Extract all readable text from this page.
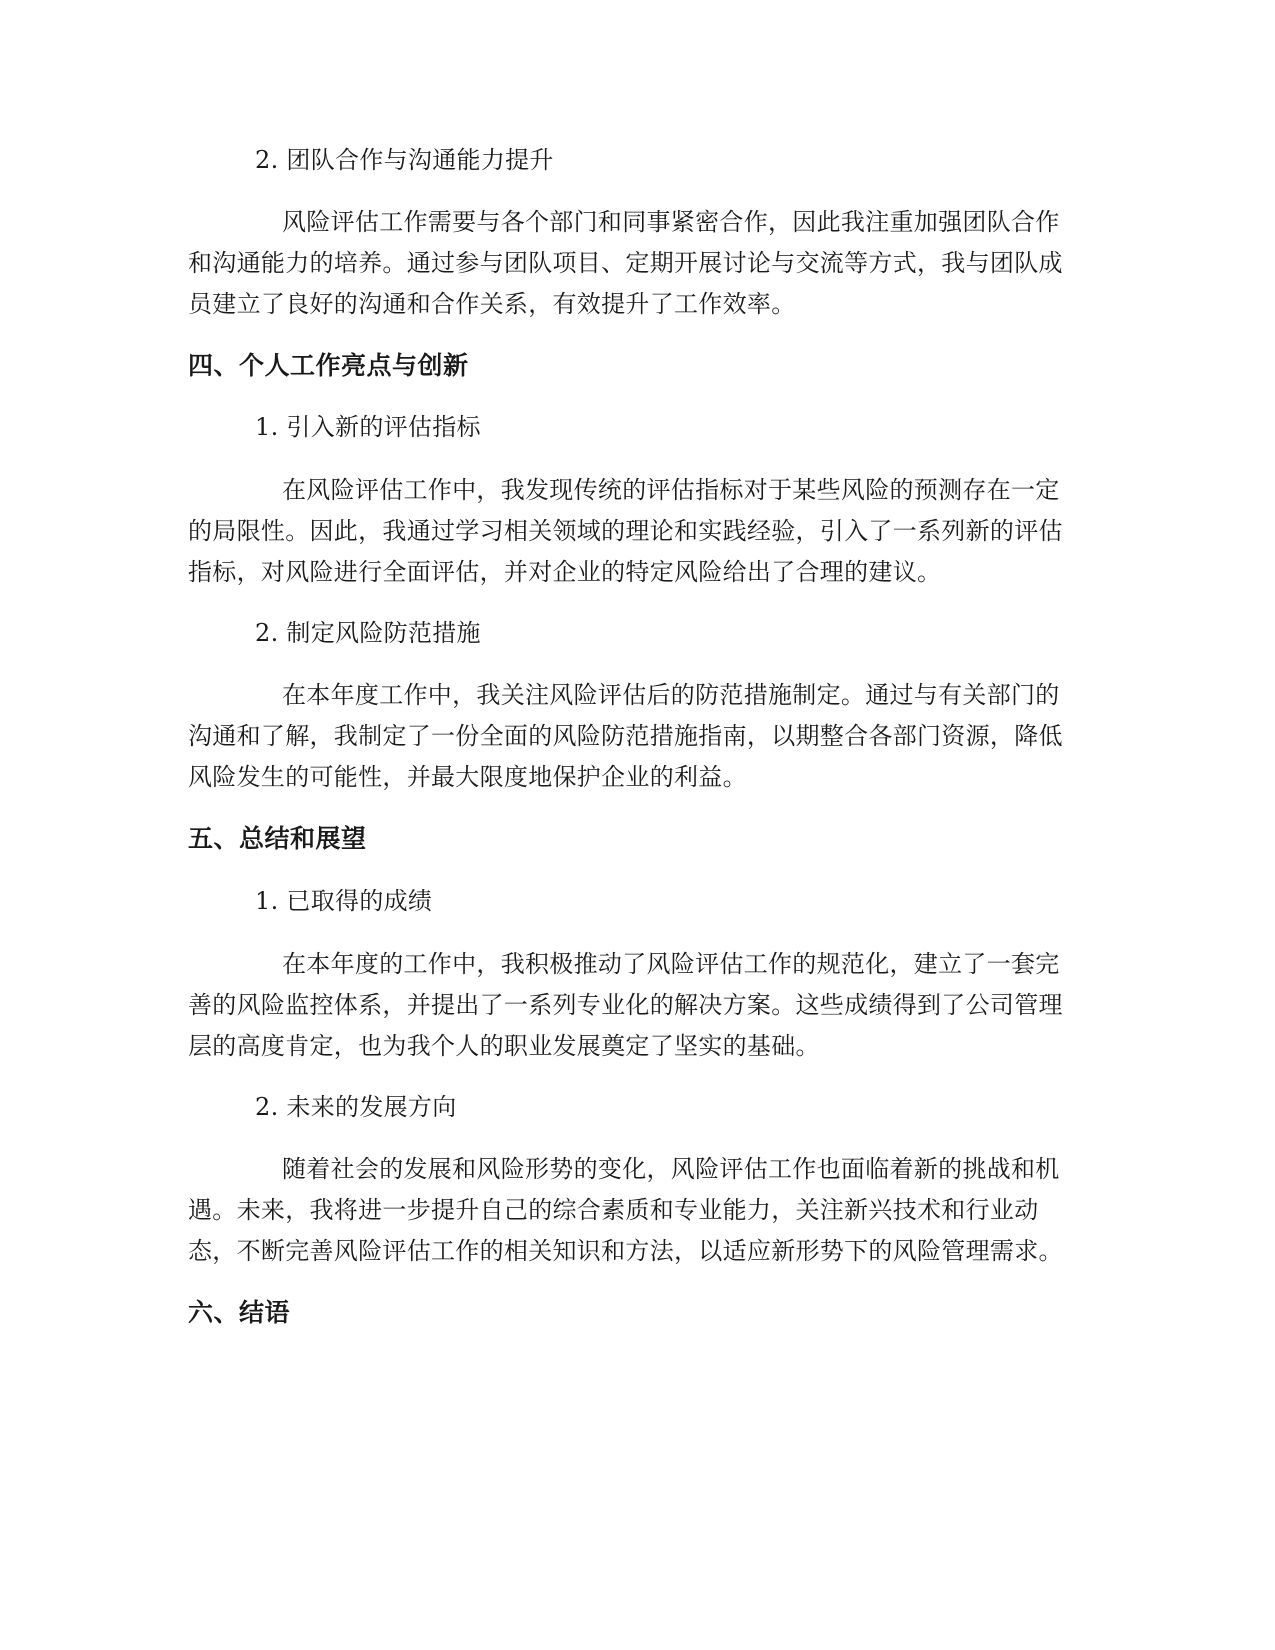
2. 团队合作与沟通能力提升
风险评估工作需要与各个部门和同事紧密合作，因此我注重加强团队合作
和沟通能力的培养。通过参与团队项目、定期开展讨论与交流等方式，我与团队成
员建立了良好的沟通和合作关系，有效提升了工作效率。
四、个人工作亮点与创新
1. 引入新的评估指标
在风险评估工作中，我发现传统的评估指标对于某些风险的预测存在一定
的局限性。因此，我通过学习相关领域的理论和实践经验，引入了一系列新的评估
指标，对风险进行全面评估，并对企业的特定风险给出了合理的建议。
2. 制定风险防范措施
在本年度工作中，我关注风险评估后的防范措施制定。通过与有关部门的
沟通和了解，我制定了一份全面的风险防范措施指南，以期整合各部门资源，降低
风险发生的可能性，并最大限度地保护企业的利益。
五、总结和展望
1. 已取得的成绩
在本年度的工作中，我积极推动了风险评估工作的规范化，建立了一套完
善的风险监控体系，并提出了一系列专业化的解决方案。这些成绩得到了公司管理
层的高度肯定，也为我个人的职业发展奠定了坚实的基础。
2. 未来的发展方向
随着社会的发展和风险形势的变化，风险评估工作也面临着新的挑战和机
遇。未来，我将进一步提升自己的综合素质和专业能力，关注新兴技术和行业动
态，不断完善风险评估工作的相关知识和方法，以适应新形势下的风险管理需求。
六、结语
